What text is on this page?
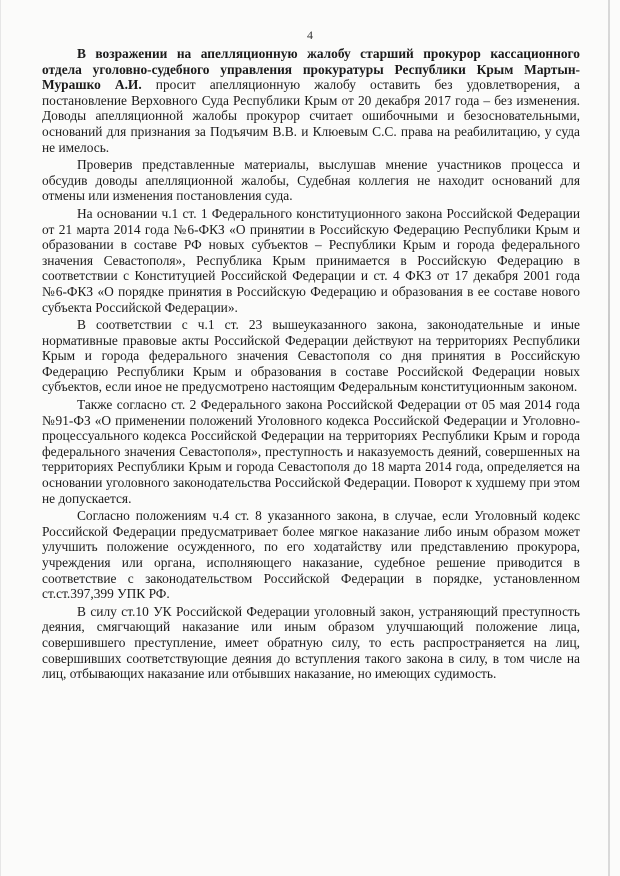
4

В возражении на апелляционную жалобу старший прокурор кассационного отдела уголовно-судебного управления прокуратуры Республики Крым Мартын-Мурашко А.И. просит апелляционную жалобу оставить без удовлетворения, а постановление Верховного Суда Республики Крым от 20 декабря 2017 года – без изменения. Доводы апелляционной жалобы прокурор считает ошибочными и безосновательными, оснований для признания за Подъячим В.В. и Клюевым С.С. права на реабилитацию, у суда не имелось.

Проверив представленные материалы, выслушав мнение участников процесса и обсудив доводы апелляционной жалобы, Судебная коллегия не находит оснований для отмены или изменения постановления суда.

На основании ч.1 ст. 1 Федерального конституционного закона Российской Федерации от 21 марта 2014 года №6-ФКЗ «О принятии в Российскую Федерацию Республики Крым и образовании в составе РФ новых субъектов – Республики Крым и города федерального значения Севастополя», Республика Крым принимается в Российскую Федерацию в соответствии с Конституцией Российской Федерации и ст. 4 ФКЗ от 17 декабря 2001 года №6-ФКЗ «О порядке принятия в Российскую Федерацию и образования в ее составе нового субъекта Российской Федерации».

В соответствии с ч.1 ст. 23 вышеуказанного закона, законодательные и иные нормативные правовые акты Российской Федерации действуют на территориях Республики Крым и города федерального значения Севастополя со дня принятия в Российскую Федерацию Республики Крым и образования в составе Российской Федерации новых субъектов, если иное не предусмотрено настоящим Федеральным конституционным законом.

Также согласно ст. 2 Федерального закона Российской Федерации от 05 мая 2014 года №91-ФЗ «О применении положений Уголовного кодекса Российской Федерации и Уголовно-процессуального кодекса Российской Федерации на территориях Республики Крым и города федерального значения Севастополя», преступность и наказуемость деяний, совершенных на территориях Республики Крым и города Севастополя до 18 марта 2014 года, определяется на основании уголовного законодательства Российской Федерации. Поворот к худшему при этом не допускается.

Согласно положениям ч.4 ст. 8 указанного закона, в случае, если Уголовный кодекс Российской Федерации предусматривает более мягкое наказание либо иным образом может улучшить положение осужденного, по его ходатайству или представлению прокурора, учреждения или органа, исполняющего наказание, судебное решение приводится в соответствие с законодательством Российской Федерации в порядке, установленном ст.ст.397,399 УПК РФ.

В силу ст.10 УК Российской Федерации уголовный закон, устраняющий преступность деяния, смягчающий наказание или иным образом улучшающий положение лица, совершившего преступление, имеет обратную силу, то есть распространяется на лиц, совершивших соответствующие деяния до вступления такого закона в силу, в том числе на лиц, отбывающих наказание или отбывших наказание, но имеющих судимость.
